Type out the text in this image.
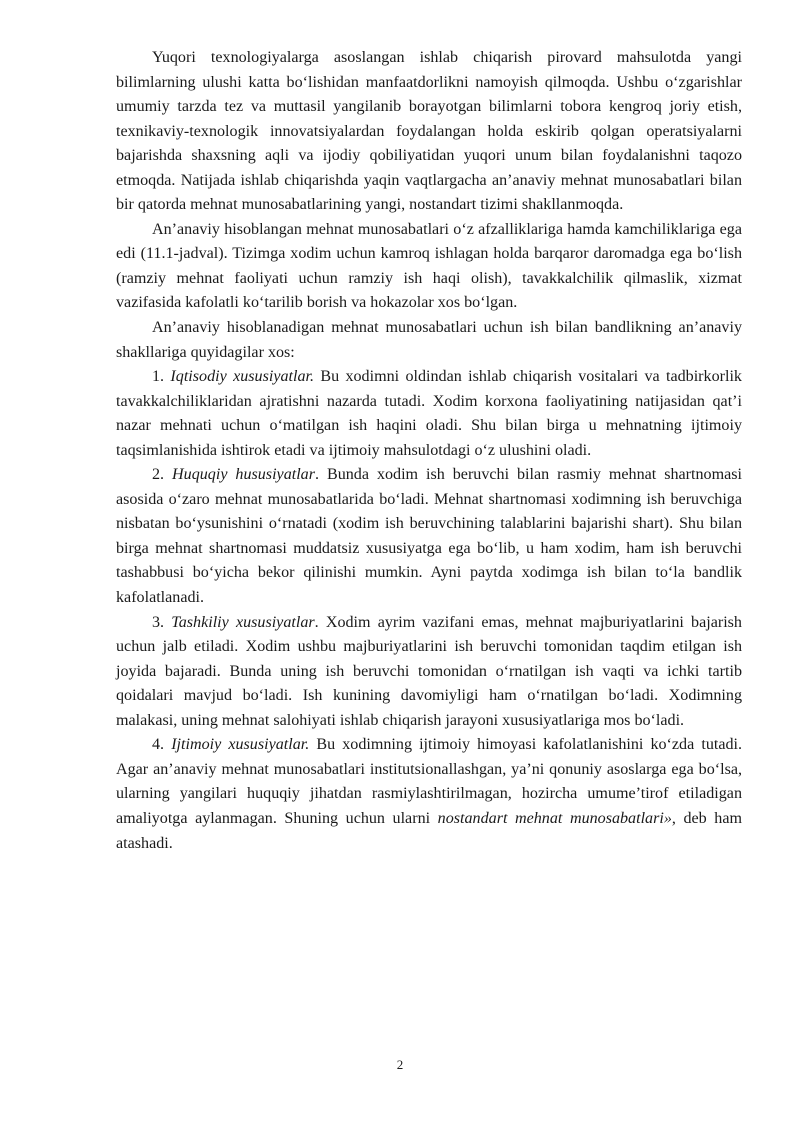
Yuqori texnologiyalarga asoslangan ishlab chiqarish pirovard mahsulotda yangi bilimlarning ulushi katta bo‘lishidan manfaatdorlikni namoyish qilmoqda. Ushbu o‘zgarishlar umumiy tarzda tez va muttasil yangilanib borayotgan bilimlarni tobora kengroq joriy etish, texnikaviy-texnologik innovatsiyalardan foydalangan holda eskirib qolgan operatsiyalarni bajarishda shaxsning aqli va ijodiy qobiliyatidan yuqori unum bilan foydalanishni taqozo etmoqda. Natijada ishlab chiqarishda yaqin vaqtlargacha an’anaviy mehnat munosabatlari bilan bir qatorda mehnat munosabatlarining yangi, nostandart tizimi shakllanmoqda.

An’anaviy hisoblangan mehnat munosabatlari o‘z afzalliklariga hamda kamchiliklariga ega edi (11.1-jadval). Tizimga xodim uchun kamroq ishlagan holda barqaror daromadga ega bo‘lish (ramziy mehnat faoliyati uchun ramziy ish haqi olish), tavakkalchilik qilmaslik, xizmat vazifasida kafolatli ko‘tarilib borish va hokazolar xos bo‘lgan.

An’anaviy hisoblanadigan mehnat munosabatlari uchun ish bilan bandlikning an’anaviy shakllariga quyidagilar xos:

1. Iqtisodiy xususiyatlar. Bu xodimni oldindan ishlab chiqarish vositalari va tadbirkorlik tavakkalchiliklaridan ajratishni nazarda tutadi. Xodim korxona faoliyatining natijasidan qat’i nazar mehnati uchun o‘matilgan ish haqini oladi. Shu bilan birga u mehnatning ijtimoiy taqsimlanishida ishtirok etadi va ijtimoiy mahsulotdagi o‘z ulushini oladi.

2. Huquqiy hususiyatlar. Bunda xodim ish beruvchi bilan rasmiy mehnat shartnomasi asosida o‘zaro mehnat munosabatlarida bo‘ladi. Mehnat shartnomasi xodimning ish beruvchiga nisbatan bo‘ysunishini o‘rnatadi (xodim ish beruvchining talablarini bajarishi shart). Shu bilan birga mehnat shartnomasi muddatsiz xususiyatga ega bo‘lib, u ham xodim, ham ish beruvchi tashabbusi bo‘yicha bekor qilinishi mumkin. Ayni paytda xodimga ish bilan to‘la bandlik kafolatlanadi.

3. Tashkiliy xususiyatlar. Xodim ayrim vazifani emas, mehnat majburiyatlarini bajarish uchun jalb etiladi. Xodim ushbu majburiyatlarini ish beruvchi tomonidan taqdim etilgan ish joyida bajaradi. Bunda uning ish beruvchi tomonidan o‘rnatilgan ish vaqti va ichki tartib qoidalari mavjud bo‘ladi. Ish kunining davomiyligi ham o‘rnatilgan bo‘ladi. Xodimning malakasi, uning mehnat salohiyati ishlab chiqarish jarayoni xususiyatlariga mos bo‘ladi.

4. Ijtimoiy xususiyatlar. Bu xodimning ijtimoiy himoyasi kafolatlanishini ko‘zda tutadi. Agar an’anaviy mehnat munosabatlari institutsionallashgan, ya’ni qonuniy asoslarga ega bo‘lsa, ularning yangilari huquqiy jihatdan rasmiylashtirilmagan, hozircha umume’tirof etiladigan amaliyotga aylanmagan. Shuning uchun ularni nostandart mehnat munosabatlari», deb ham atashadi.

2
